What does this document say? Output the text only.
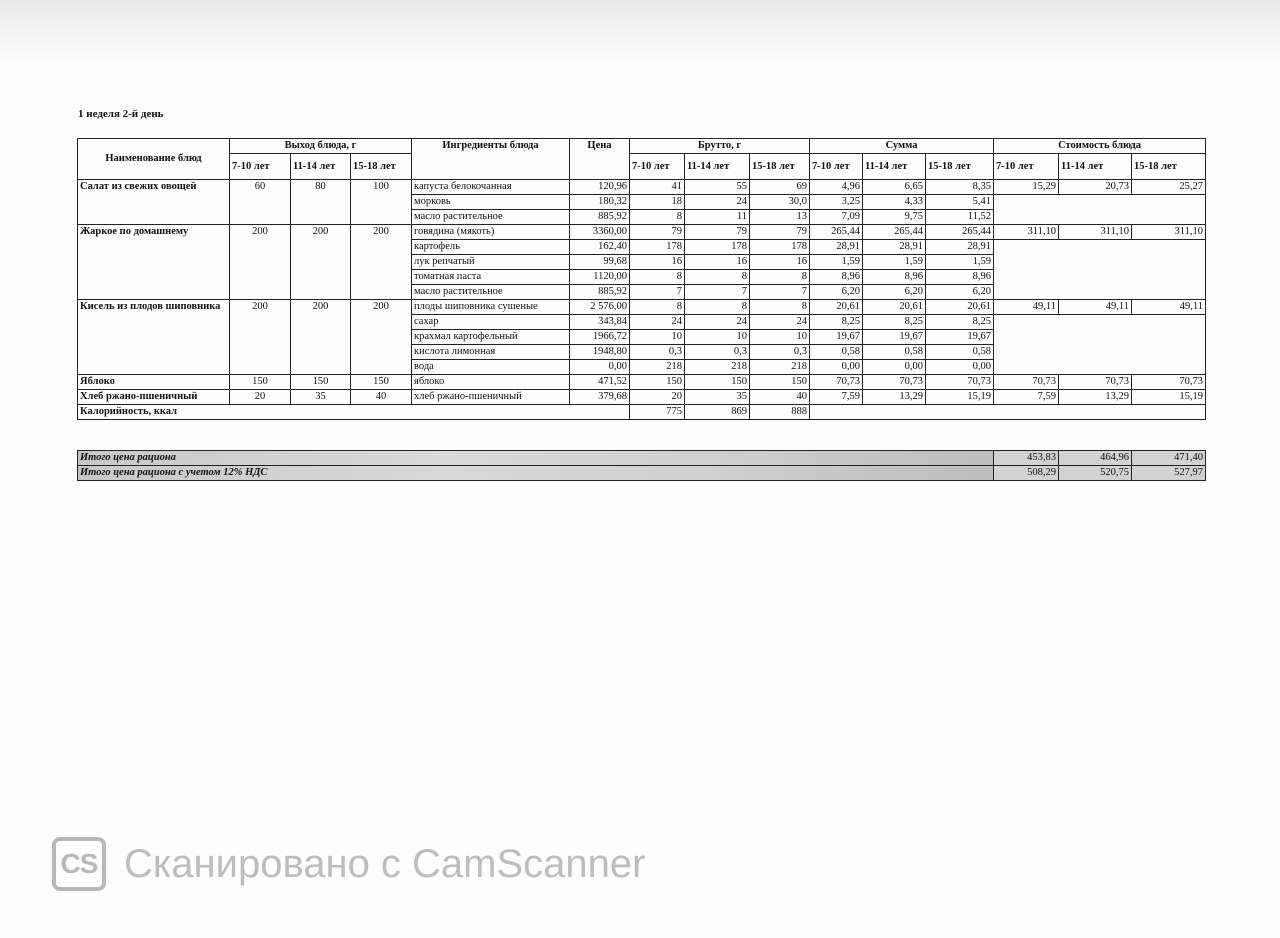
1 неделя 2-й день
Наименование блюд	Выход блюда, г			Ингредиенты блюда	Цена	Брутто, г			Сумма			Стоимость блюда		
	7-10 лет	11-14 лет	15-18 лет			7-10 лет	11-14 лет	15-18 лет	7-10 лет	11-14 лет	15-18 лет	7-10 лет	11-14 лет	15-18 лет
Салат из свежих овощей	60	80	100	капуста белокочанная	120,96	41	55	69	4,96	6,65	8,35	15,29	20,73	25,27
				морковь	180,32	18	24	30,0	3,25	4,33	5,41			
				масло растительное	885,92	8	11	13	7,09	9,75	11,52			
Жаркое по домашнему	200	200	200	говядина (мякоть)	3360,00	79	79	79	265,44	265,44	265,44	311,10	311,10	311,10
				картофель	162,40	178	178	178	28,91	28,91	28,91			
				лук репчатый	99,68	16	16	16	1,59	1,59	1,59			
				томатная паста	1120,00	8	8	8	8,96	8,96	8,96			
				масло растительное	885,92	7	7	7	6,20	6,20	6,20			
Кисель из плодов шиповника	200	200	200	плоды шиповника сушеные	2 576,00	8	8	8	20,61	20,61	20,61	49,11	49,11	49,11
				сахар	343,84	24	24	24	8,25	8,25	8,25			
				крахмал картофельный	1966,72	10	10	10	19,67	19,67	19,67			
				кислота лимонная	1948,80	0,3	0,3	0,3	0,58	0,58	0,58			
				вода	0,00	218	218	218	0,00	0,00	0,00			
Яблоко	150	150	150	яблоко	471,52	150	150	150	70,73	70,73	70,73	70,73	70,73	70,73
Хлеб ржано-пшеничный	20	35	40	хлеб ржано-пшеничный	379,68	20	35	40	7,59	13,29	15,19	7,59	13,29	15,19
Калорийность, ккал						775	869	888						
Итого цена рациона	453,83	464,96	471,40
Итого цена рациона с учетом 12% НДС	508,29	520,75	527,97
CS Сканировано с CamScanner
